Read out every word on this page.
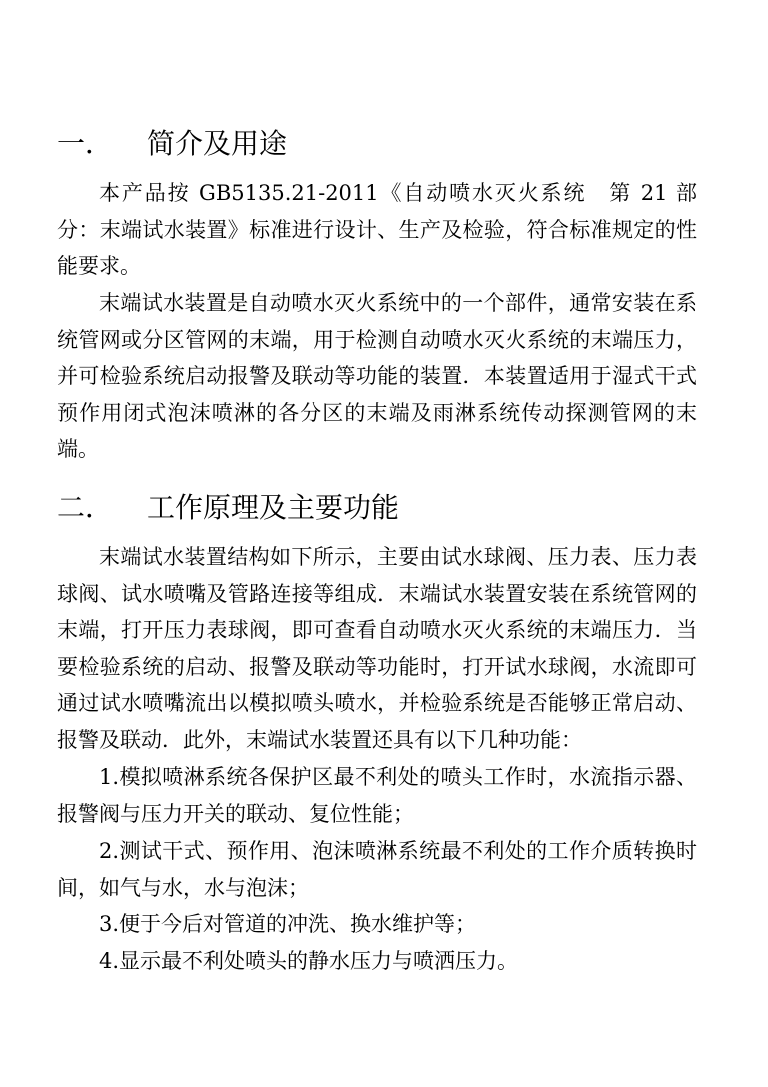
一． 简介及用途

本产品按 GB5135.21-2011《自动喷水灭火系统　第 21 部分：末端试水装置》标准进行设计、生产及检验，符合标准规定的性能要求。

末端试水装置是自动喷水灭火系统中的一个部件，通常安装在系统管网或分区管网的末端，用于检测自动喷水灭火系统的末端压力，并可检验系统启动报警及联动等功能的装置．本装置适用于湿式干式预作用闭式泡沫喷淋的各分区的末端及雨淋系统传动探测管网的末端。

二． 工作原理及主要功能

末端试水装置结构如下所示，主要由试水球阀、压力表、压力表球阀、试水喷嘴及管路连接等组成．末端试水装置安装在系统管网的末端，打开压力表球阀，即可查看自动喷水灭火系统的末端压力．当要检验系统的启动、报警及联动等功能时，打开试水球阀，水流即可通过试水喷嘴流出以模拟喷头喷水，并检验系统是否能够正常启动、报警及联动．此外，末端试水装置还具有以下几种功能：

1.模拟喷淋系统各保护区最不利处的喷头工作时，水流指示器、报警阀与压力开关的联动、复位性能；

2.测试干式、预作用、泡沫喷淋系统最不利处的工作介质转换时间，如气与水，水与泡沫；

3.便于今后对管道的冲洗、换水维护等；

4.显示最不利处喷头的静水压力与喷洒压力。
